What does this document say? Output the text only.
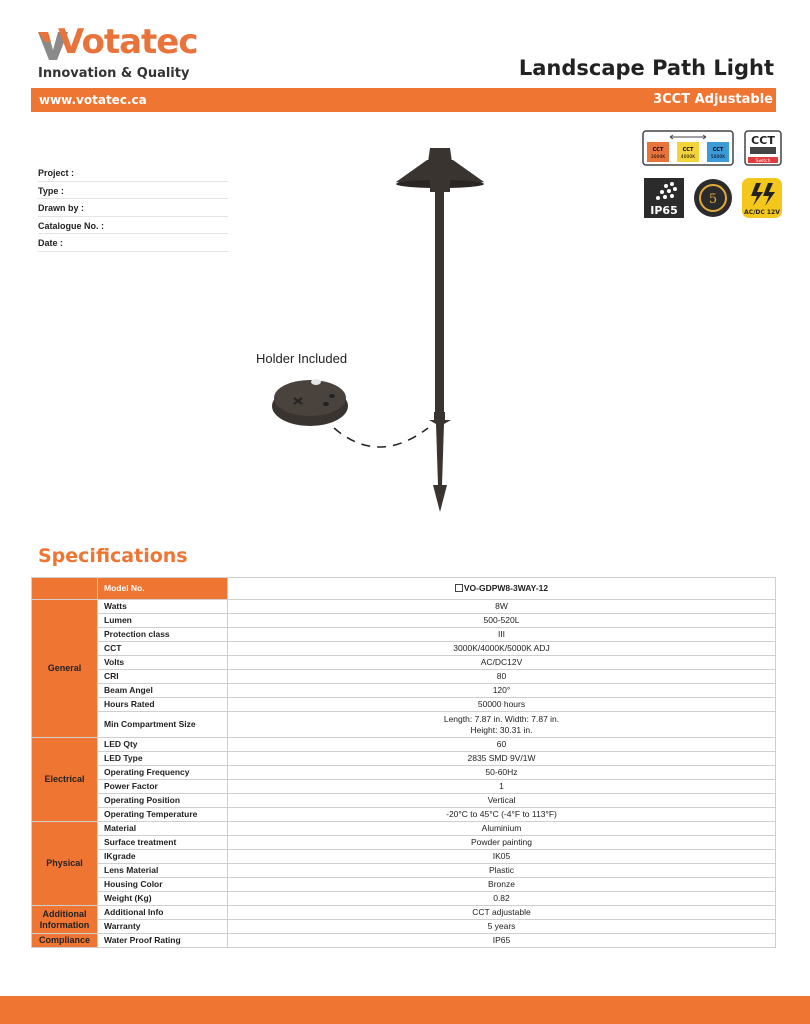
Votatec
Innovation & Quality	Landscape Path Light
www.votatec.ca	3CCT Adjustable
Project :
Type :
Drawn by :
Catalogue No. :
Date :
CCT
3000K
CCT
4000K
CCT
5000K
CCT
Switch
IP65
5
AC/DC 12V
Holder Included
Specifications
	Model No.	VO-GDPW8-3WAY-12
General	Watts	8W

	Lumen	500-520L

	Protection class	III

	CCT	3000K/4000K/5000K ADJ

	Volts	AC/DC12V

	CRI	80

	Beam Angel	120°

	Hours Rated	50000 hours

	Min Compartment Size	Length: 7.87 in. Width: 7.87 in.
Height: 30.31 in.

Electrical	LED Qty	60

	LED Type	2835 SMD 9V/1W

	Operating Frequency	50-60Hz

	Power Factor	1

	Operating Position	Vertical

	Operating Temperature	-20°C to 45°C (-4°F to 113°F)

Physical	Material	Aluminium

	Surface treatment	Powder painting

	IKgrade	IK05

	Lens Material	Plastic

	Housing Color	Bronze

	Weight (Kg)	0.82

Additional Information	Additional Info	CCT adjustable

	Warranty	5 years

Compliance	Water Proof Rating	IP65
